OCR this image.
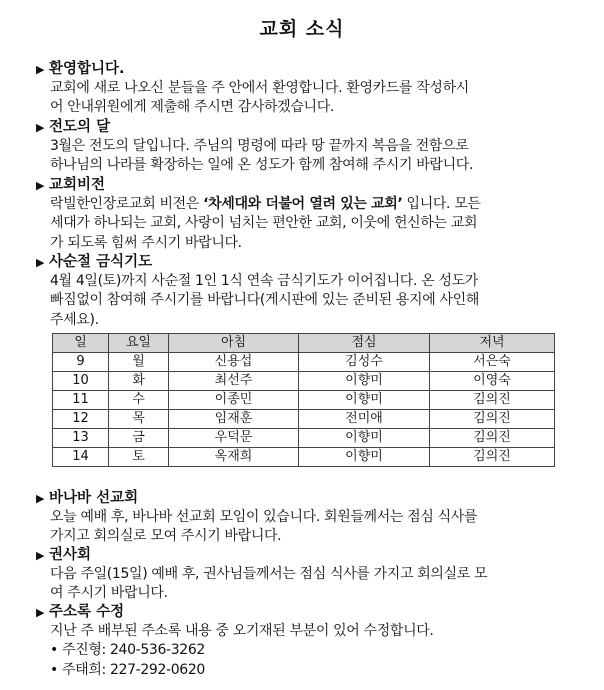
교회 소식
▶ 환영합니다.
교회에 새로 나오신 분들을 주 안에서 환영합니다. 환영카드를 작성하시
어 안내위원에게 제출해 주시면 감사하겠습니다.
▶ 전도의 달
3월은 전도의 달입니다. 주님의 명령에 따라 땅 끝까지 복음을 전함으로
하나님의 나라를 확장하는 일에 온 성도가 함께 참여해 주시기 바랍니다.
▶ 교회비전
락빌한인장로교회 비전은 ‘차세대와 더불어 열려 있는 교회’ 입니다. 모든
세대가 하나되는 교회, 사랑이 넘치는 편안한 교회, 이웃에 헌신하는 교회
가 되도록 힘써 주시기 바랍니다.
▶ 사순절 금식기도
4월 4일(토)까지 사순절 1인 1식 연속 금식기도가 이어집니다. 온 성도가
빠짐없이 참여해 주시기를 바랍니다(게시판에 있는 준비된 용지에 사인해
주세요).
일	요일	아침	점심	저녁
9	월	신용섭	김성수	서은숙
10	화	최선주	이향미	이영숙
11	수	이종민	이향미	김의진
12	목	임재훈	전미애	김의진
13	금	우덕문	이향미	김의진
14	토	옥재희	이향미	김의진
▶ 바나바 선교회
오늘 예배 후, 바나바 선교회 모임이 있습니다. 회원들께서는 점심 식사를
가지고 회의실로 모여 주시기 바랍니다.
▶ 권사회
다음 주일(15일) 예배 후, 권사님들께서는 점심 식사를 가지고 회의실로 모
여 주시기 바랍니다.
▶ 주소록 수정
지난 주 배부된 주소록 내용 중 오기재된 부분이 있어 수정합니다.
• 주진형: 240-536-3262
• 주태희: 227-292-0620
